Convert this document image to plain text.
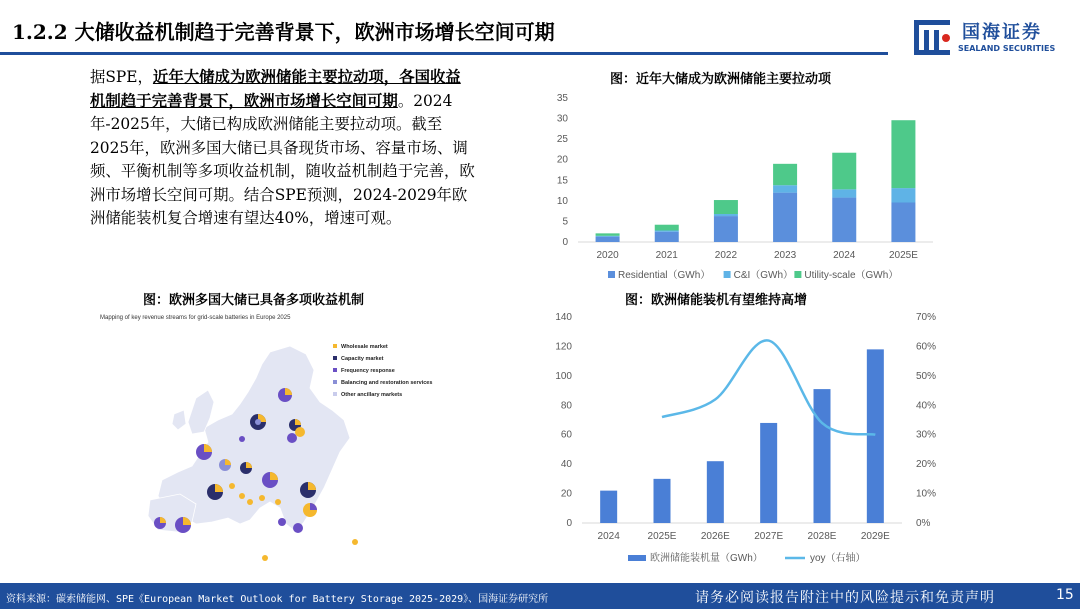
1.2.2 大储收益机制趋于完善背景下，欧洲市场增长空间可期	国海证券
SEALAND SECURITIES
据SPE，近年大储成为欧洲储能主要拉动项，各国收益机制趋于完善背景下，欧洲市场增长空间可期。2024年-2025年，大储已构成欧洲储能主要拉动项。截至2025年，欧洲多国大储已具备现货市场、容量市场、调频、平衡机制等多项收益机制，随收益机制趋于完善，欧洲市场增长空间可期。结合SPE预测，2024-2029年欧洲储能装机复合增速有望达40%，增速可观。
图：近年大储成为欧洲储能主要拉动项
图：欧洲多国大储已具备多项收益机制	图：欧洲储能装机有望维持高增
0
5
10
15
20
25
30
35
2020	2021	2022	2023	2024	2025E
Residential（GWh） C&I（GWh） Utility-scale（GWh）
0
20
40
60
80
100
120
140
0%
10%
20%
30%
40%
50%
60%
70%
2024	2025E 2026E 2027E 2028E 2029E
欧洲储能装机量（GWh）	yoy（右轴）
Mapping of key revenue streams for grid-scale batteries in Europe 2025
Wholesale market
Capacity market
Frequency response
Balancing and restoration services
Other ancillary markets
资料来源：碳索储能网、SPE《European Market Outlook for Battery Storage 2025-2029》、国海证券研究所	请务必阅读报告附注中的风险提示和免责声明	15
